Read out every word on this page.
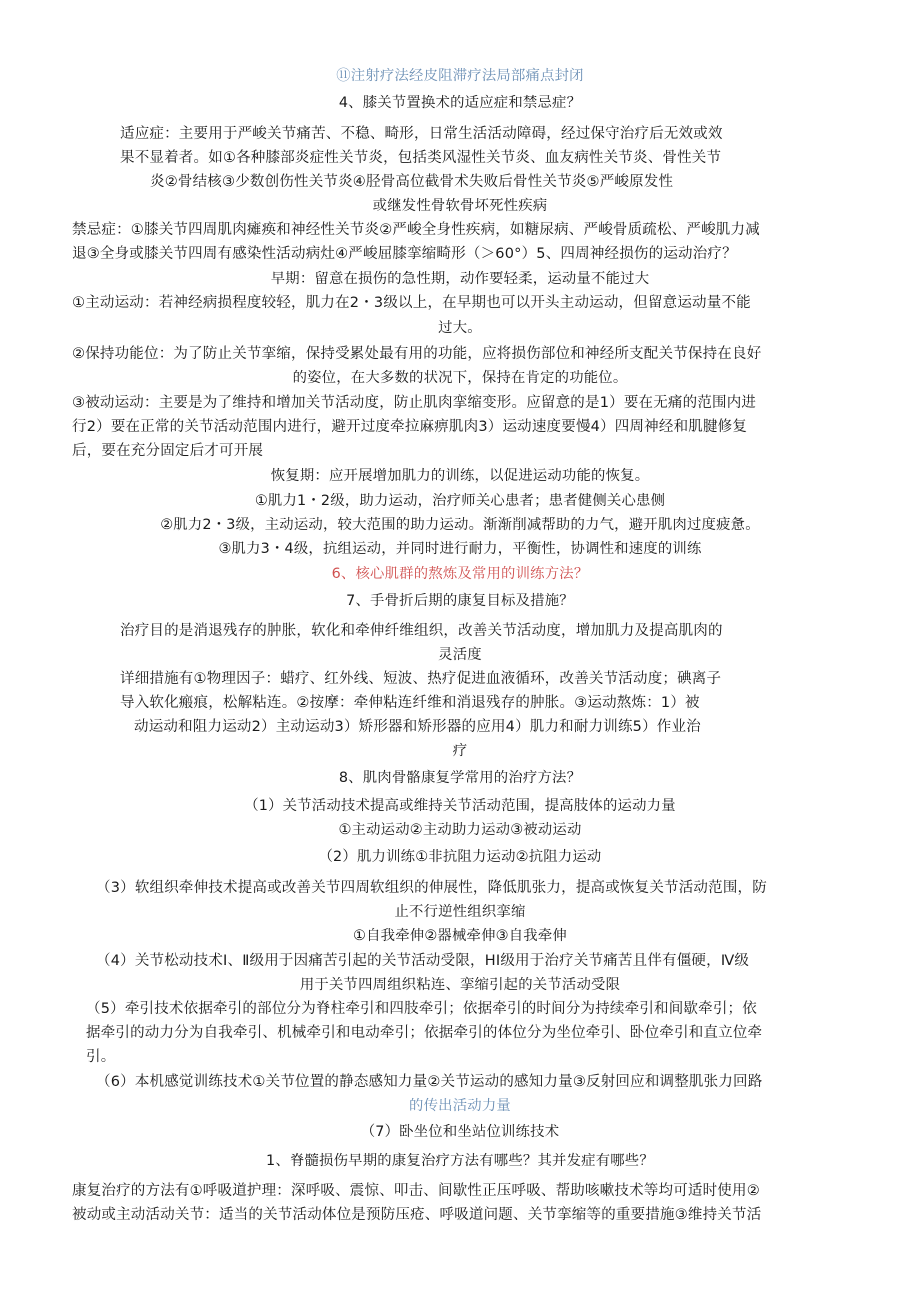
⑪注射疗法经皮阻滞疗法局部痛点封闭
4、膝关节置换术的适应症和禁忌症？
适应症：主要用于严峻关节痛苦、不稳、畸形，日常生活活动障碍，经过保守治疗后无效或效
果不显着者。如①各种膝部炎症性关节炎，包括类风湿性关节炎、血友病性关节炎、骨性关节
炎②骨结核③少数创伤性关节炎④胫骨高位截骨术失败后骨性关节炎⑤严峻原发性
或继发性骨软骨坏死性疾病
禁忌症：①膝关节四周肌肉瘫痪和神经性关节炎②严峻全身性疾病，如糖尿病、严峻骨质疏松、严峻肌力减
退③全身或膝关节四周有感染性活动病灶④严峻屈膝挛缩畸形（＞60°）5、四周神经损伤的运动治疗？
早期：留意在损伤的急性期，动作要轻柔，运动量不能过大
①主动运动：若神经病损程度较轻，肌力在2・3级以上，在早期也可以开头主动运动，但留意运动量不能
过大。
②保持功能位：为了防止关节挛缩，保持受累处最有用的功能，应将损伤部位和神经所支配关节保持在良好
的姿位，在大多数的状况下，保持在肯定的功能位。
③被动运动：主要是为了维持和增加关节活动度，防止肌肉挛缩变形。应留意的是1）要在无痛的范围内进
行2）要在正常的关节活动范围内进行，避开过度牵拉麻痹肌肉3）运动速度要慢4）四周神经和肌腱修复
后，要在充分固定后才可开展
恢复期：应开展增加肌力的训练，以促进运动功能的恢复。
①肌力1・2级，助力运动，治疗师关心患者；患者健侧关心患侧
②肌力2・3级，主动运动，较大范围的助力运动。渐渐削减帮助的力气，避开肌肉过度疲惫。
③肌力3・4级，抗组运动，并同时进行耐力，平衡性，协调性和速度的训练
6、核心肌群的熬炼及常用的训练方法？
7、手骨折后期的康复目标及措施？
治疗目的是消退残存的肿胀，软化和牵伸纤维组织，改善关节活动度，增加肌力及提高肌肉的
灵活度
详细措施有①物理因子：蜡疗、红外线、短波、热疗促进血液循环，改善关节活动度；碘离子
导入软化瘢痕，松解粘连。②按摩：牵伸粘连纤维和消退残存的肿胀。③运动熬炼：1）被
动运动和阻力运动2）主动运动3）矫形器和矫形器的应用4）肌力和耐力训练5）作业治
疗
8、肌肉骨骼康复学常用的治疗方法？
（1）关节活动技术提高或维持关节活动范围，提高肢体的运动力量
①主动运动②主动助力运动③被动运动
（2）肌力训练①非抗阻力运动②抗阻力运动
（3）软组织牵伸技术提高或改善关节四周软组织的伸展性，降低肌张力，提高或恢复关节活动范围，防
止不行逆性组织挛缩
①自我牵伸②器械牵伸③自我牵伸
（4）关节松动技术Ⅰ、Ⅱ级用于因痛苦引起的关节活动受限，HI级用于治疗关节痛苦且伴有僵硬，Ⅳ级
用于关节四周组织粘连、挛缩引起的关节活动受限
（5）牵引技术依据牵引的部位分为脊柱牵引和四肢牵引；依据牵引的时间分为持续牵引和间歇牵引；依
据牵引的动力分为自我牵引、机械牵引和电动牵引；依据牵引的体位分为坐位牵引、卧位牵引和直立位牵
引。
（6）本机感觉训练技术①关节位置的静态感知力量②关节运动的感知力量③反射回应和调整肌张力回路
的传出活动力量
（7）卧坐位和坐站位训练技术
1、脊髓损伤早期的康复治疗方法有哪些？其并发症有哪些？
康复治疗的方法有①呼吸道护理：深呼吸、震惊、叩击、间歇性正压呼吸、帮助咳嗽技术等均可适时使用②
被动或主动活动关节：适当的关节活动体位是预防压疮、呼吸道问题、关节挛缩等的重要措施③维持关节活
